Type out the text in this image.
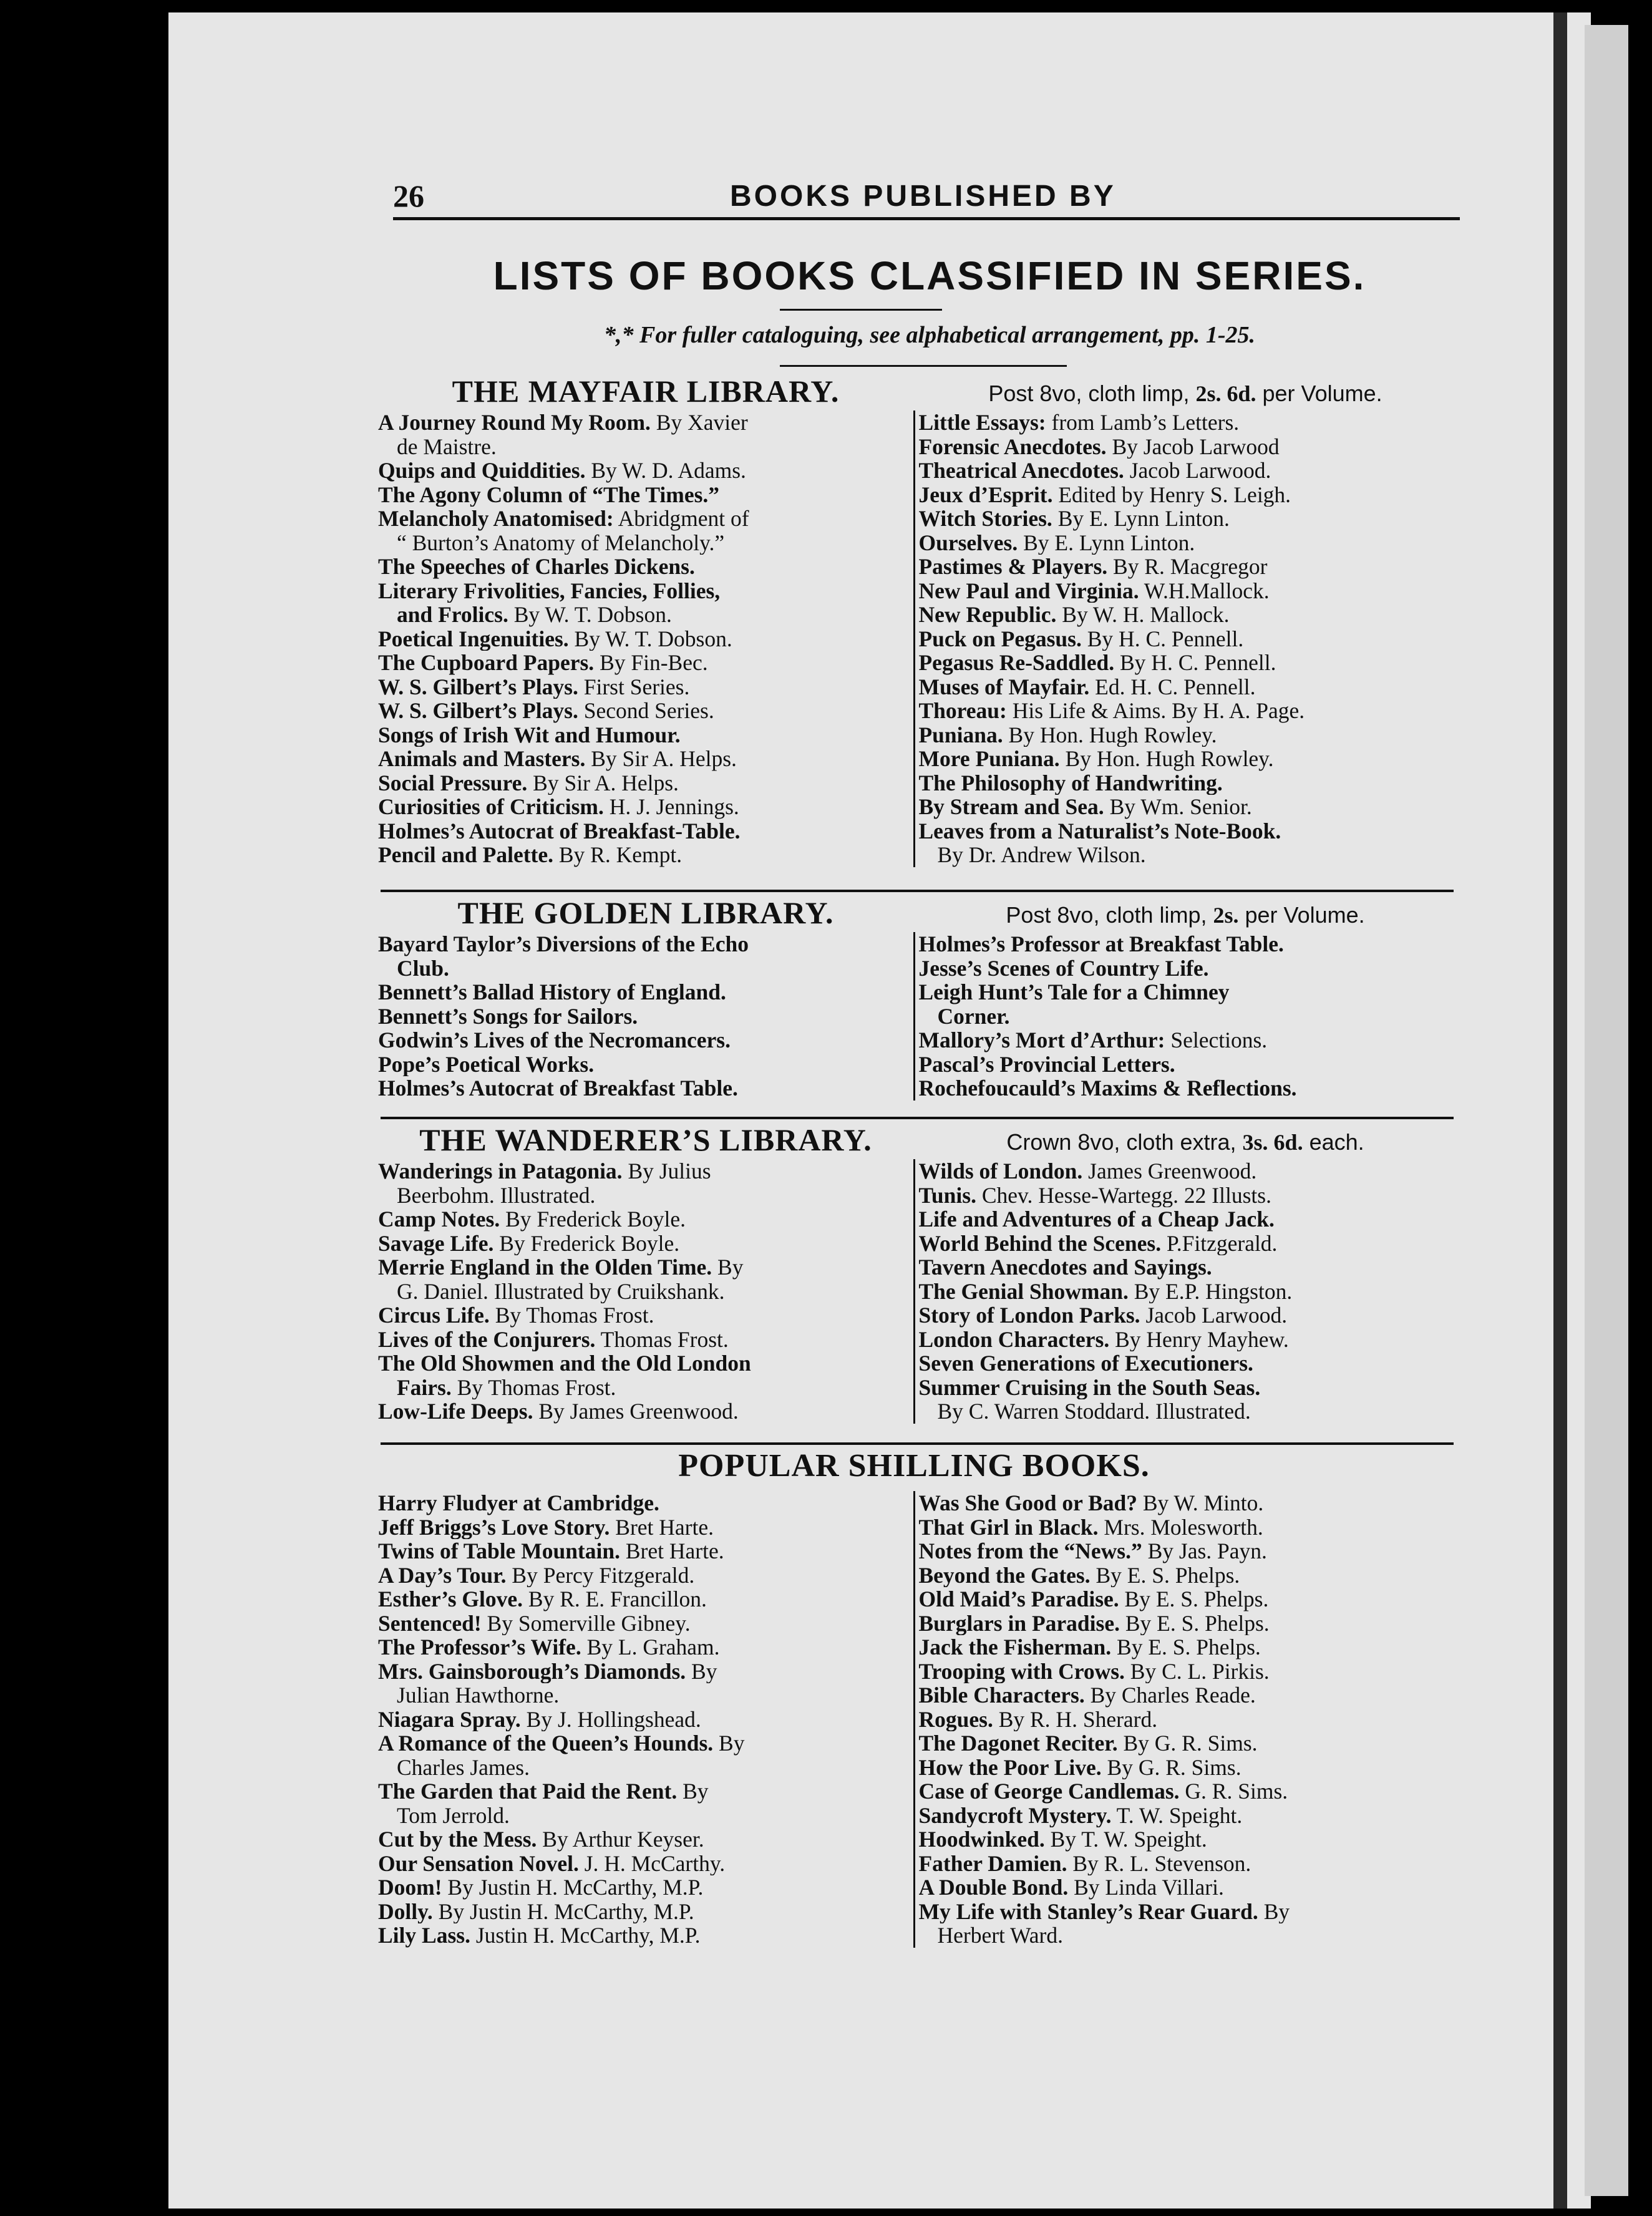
26	BOOKS PUBLISHED BY
LISTS OF BOOKS CLASSIFIED IN SERIES.
*,* For fuller cataloguing, see alphabetical arrangement, pp. 1-25.
THE MAYFAIR LIBRARY.	Post 8vo, cloth limp, 2s. 6d. per Volume.
A Journey Round My Room. By Xavier
de Maistre.
Quips and Quiddities. By W. D. Adams.
The Agony Column of “The Times.”
Melancholy Anatomised: Abridgment of
“ Burton’s Anatomy of Melancholy.”
The Speeches of Charles Dickens.
Literary Frivolities, Fancies, Follies,
and Frolics. By W. T. Dobson.
Poetical Ingenuities. By W. T. Dobson.
The Cupboard Papers. By Fin-Bec.
W. S. Gilbert’s Plays. First Series.
W. S. Gilbert’s Plays. Second Series.
Songs of Irish Wit and Humour.
Animals and Masters. By Sir A. Helps.
Social Pressure. By Sir A. Helps.
Curiosities of Criticism. H. J. Jennings.
Holmes’s Autocrat of Breakfast-Table.
Pencil and Palette. By R. Kempt.
Little Essays: from Lamb’s Letters.
Forensic Anecdotes. By Jacob Larwood
Theatrical Anecdotes. Jacob Larwood.
Jeux d’Esprit. Edited by Henry S. Leigh.
Witch Stories. By E. Lynn Linton.
Ourselves. By E. Lynn Linton.
Pastimes & Players. By R. Macgregor
New Paul and Virginia. W.H.Mallock.
New Republic. By W. H. Mallock.
Puck on Pegasus. By H. C. Pennell.
Pegasus Re-Saddled. By H. C. Pennell.
Muses of Mayfair. Ed. H. C. Pennell.
Thoreau: His Life & Aims. By H. A. Page.
Puniana. By Hon. Hugh Rowley.
More Puniana. By Hon. Hugh Rowley.
The Philosophy of Handwriting.
By Stream and Sea. By Wm. Senior.
Leaves from a Naturalist’s Note-Book.
By Dr. Andrew Wilson.
THE GOLDEN LIBRARY.	Post 8vo, cloth limp, 2s. per Volume.
Bayard Taylor’s Diversions of the Echo
Club.
Bennett’s Ballad History of England.
Bennett’s Songs for Sailors.
Godwin’s Lives of the Necromancers.
Pope’s Poetical Works.
Holmes’s Autocrat of Breakfast Table.
Holmes’s Professor at Breakfast Table.
Jesse’s Scenes of Country Life.
Leigh Hunt’s Tale for a Chimney
Corner.
Mallory’s Mort d’Arthur: Selections.
Pascal’s Provincial Letters.
Rochefoucauld’s Maxims & Reflections.
THE WANDERER’S LIBRARY.	Crown 8vo, cloth extra, 3s. 6d. each.
Wanderings in Patagonia. By Julius
Beerbohm. Illustrated.
Camp Notes. By Frederick Boyle.
Savage Life. By Frederick Boyle.
Merrie England in the Olden Time. By
G. Daniel. Illustrated by Cruikshank.
Circus Life. By Thomas Frost.
Lives of the Conjurers. Thomas Frost.
The Old Showmen and the Old London
Fairs. By Thomas Frost.
Low-Life Deeps. By James Greenwood.
Wilds of London. James Greenwood.
Tunis. Chev. Hesse-Wartegg. 22 Illusts.
Life and Adventures of a Cheap Jack.
World Behind the Scenes. P.Fitzgerald.
Tavern Anecdotes and Sayings.
The Genial Showman. By E.P. Hingston.
Story of London Parks. Jacob Larwood.
London Characters. By Henry Mayhew.
Seven Generations of Executioners.
Summer Cruising in the South Seas.
By C. Warren Stoddard. Illustrated.
POPULAR SHILLING BOOKS.
Harry Fludyer at Cambridge.
Jeff Briggs’s Love Story. Bret Harte.
Twins of Table Mountain. Bret Harte.
A Day’s Tour. By Percy Fitzgerald.
Esther’s Glove. By R. E. Francillon.
Sentenced! By Somerville Gibney.
The Professor’s Wife. By L. Graham.
Mrs. Gainsborough’s Diamonds. By
Julian Hawthorne.
Niagara Spray. By J. Hollingshead.
A Romance of the Queen’s Hounds. By
Charles James.
The Garden that Paid the Rent. By
Tom Jerrold.
Cut by the Mess. By Arthur Keyser.
Our Sensation Novel. J. H. McCarthy.
Doom! By Justin H. McCarthy, M.P.
Dolly. By Justin H. McCarthy, M.P.
Lily Lass. Justin H. McCarthy, M.P.
Was She Good or Bad? By W. Minto.
That Girl in Black. Mrs. Molesworth.
Notes from the “News.” By Jas. Payn.
Beyond the Gates. By E. S. Phelps.
Old Maid’s Paradise. By E. S. Phelps.
Burglars in Paradise. By E. S. Phelps.
Jack the Fisherman. By E. S. Phelps.
Trooping with Crows. By C. L. Pirkis.
Bible Characters. By Charles Reade.
Rogues. By R. H. Sherard.
The Dagonet Reciter. By G. R. Sims.
How the Poor Live. By G. R. Sims.
Case of George Candlemas. G. R. Sims.
Sandycroft Mystery. T. W. Speight.
Hoodwinked. By T. W. Speight.
Father Damien. By R. L. Stevenson.
A Double Bond. By Linda Villari.
My Life with Stanley’s Rear Guard. By
Herbert Ward.
